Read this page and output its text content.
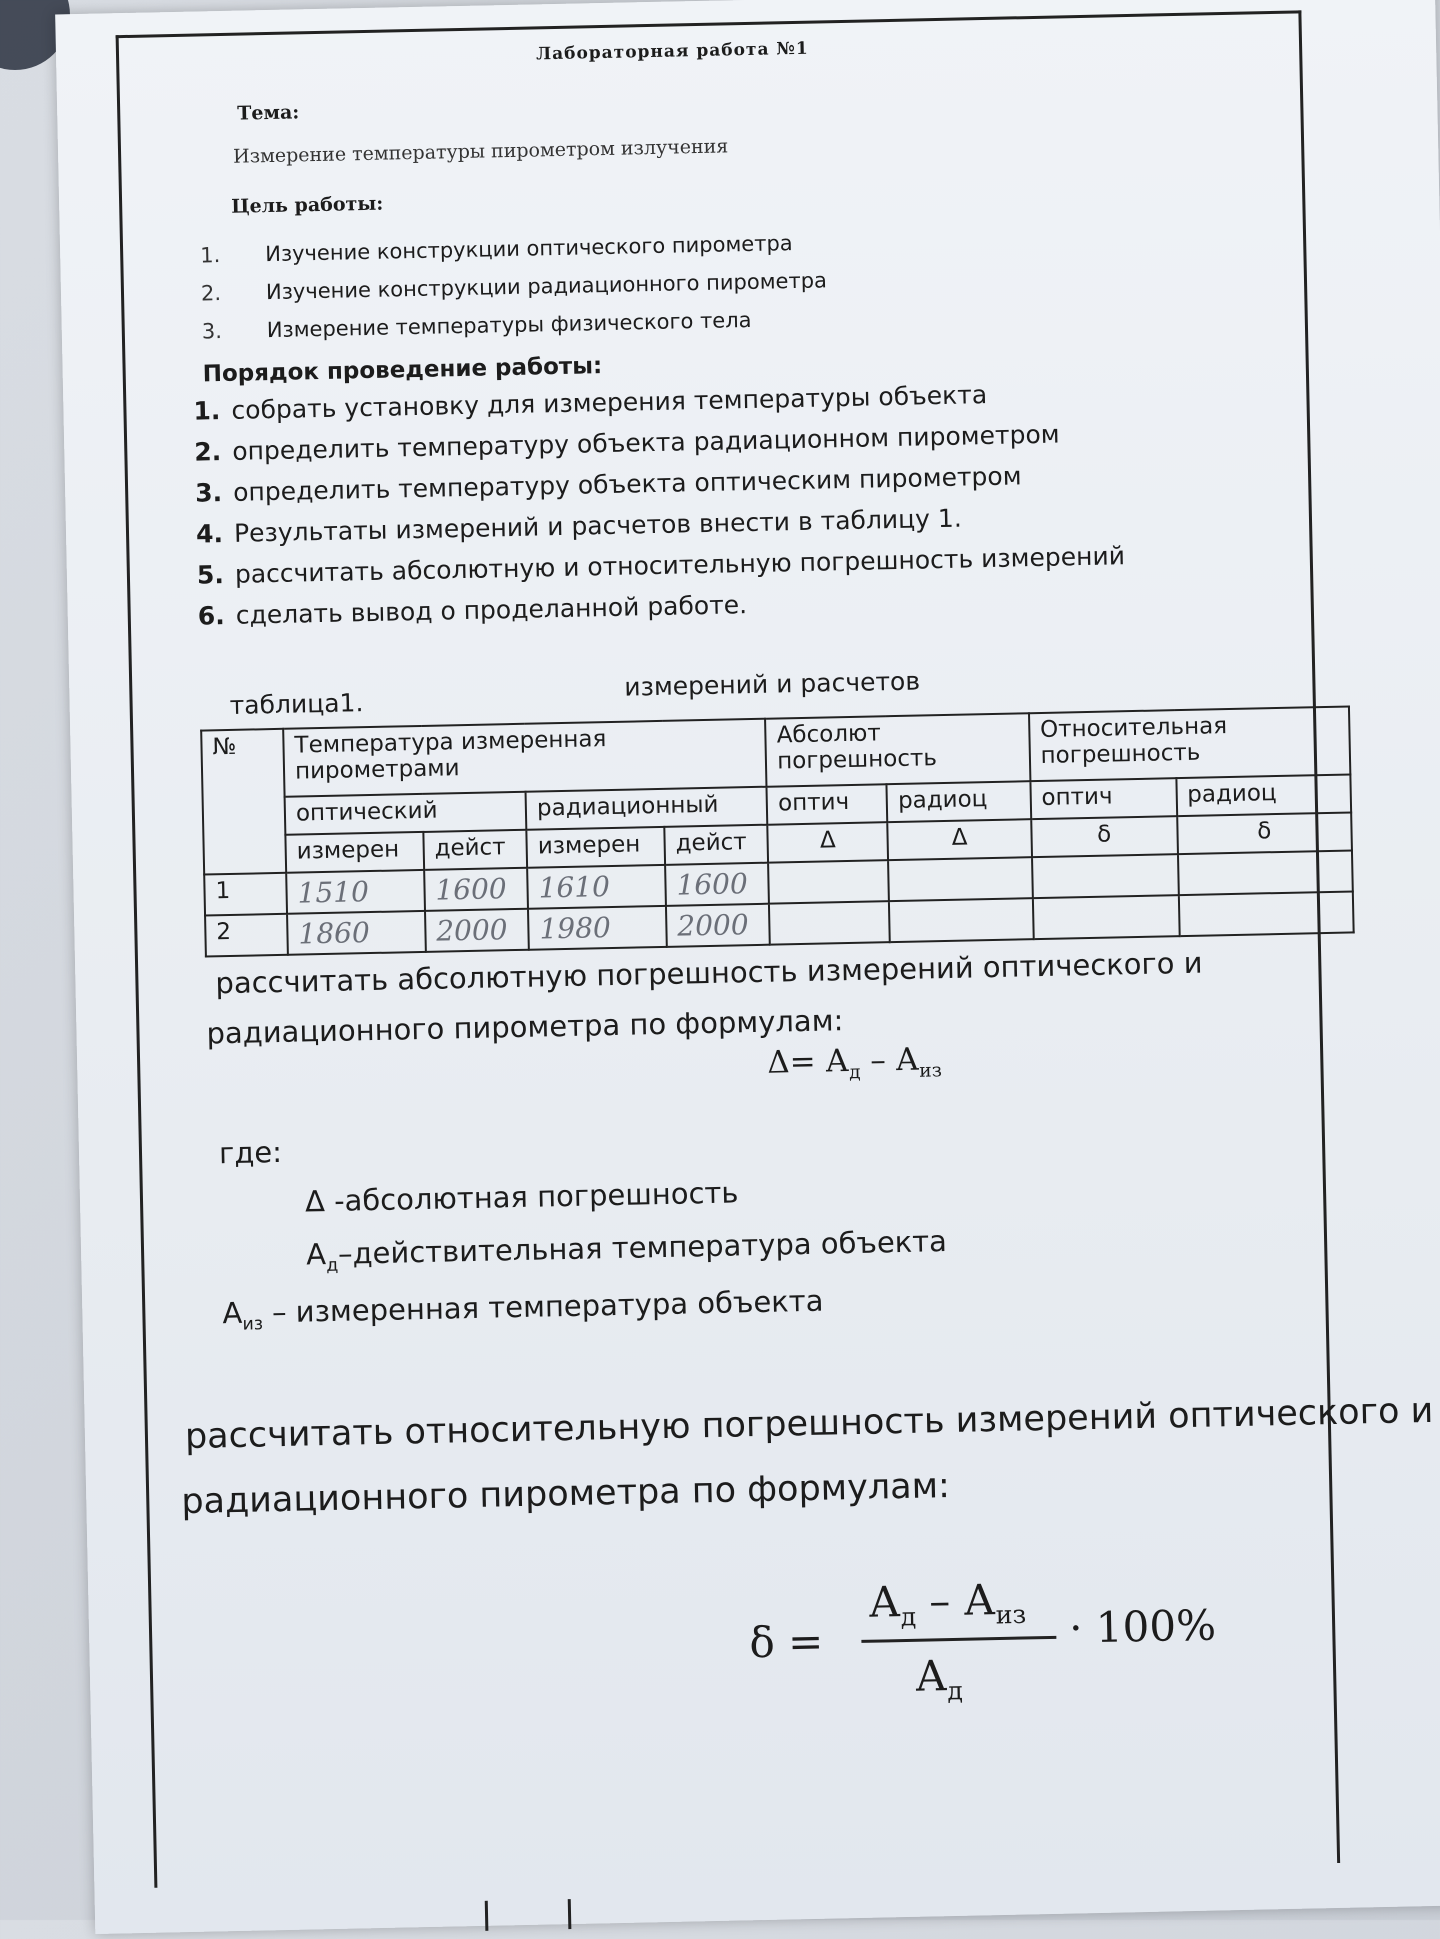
Лабораторная работа №1
Тема:
Измерение температуры пирометром излучения
Цель работы:
1.	Изучение конструкции оптического пирометра
2.	Изучение конструкции радиационного пирометра
3.	Измерение температуры физического тела
Порядок проведение работы:
1. собрать установку для измерения температуры объекта
2. определить температуру объекта радиационном пирометром
3. определить температуру объекта оптическим пирометром
4. Результаты измерений и расчетов внести в таблицу 1.
5. рассчитать абсолютную и относительную погрешность измерений
6. сделать вывод о проделанной работе.
таблица1.
измерений и расчетов
№	Температура измеренная пирометрами				Абсолют погрешность		Относительная погрешность	
	оптический		радиационный		оптич	радиоц	оптич	радиоц
	измерен	дейст	измерен	дейст	Δ	Δ	δ	δ
1	1510	1600	1610	1600				
2	1860	2000	1980	2000				
рассчитать абсолютную погрешность измерений оптического и
радиационного пирометра по формулам:
$\Delta= А_д - А_{из}$
где:
Δ -абсолютная погрешность
$А_д$–действительная температура объекта
$А_{из}$ – измеренная температура объекта
рассчитать относительную погрешность измерений оптического и
радиационного пирометра по формулам:
δ =
$А_д - А_{из}$
$А_д$
· 100%
